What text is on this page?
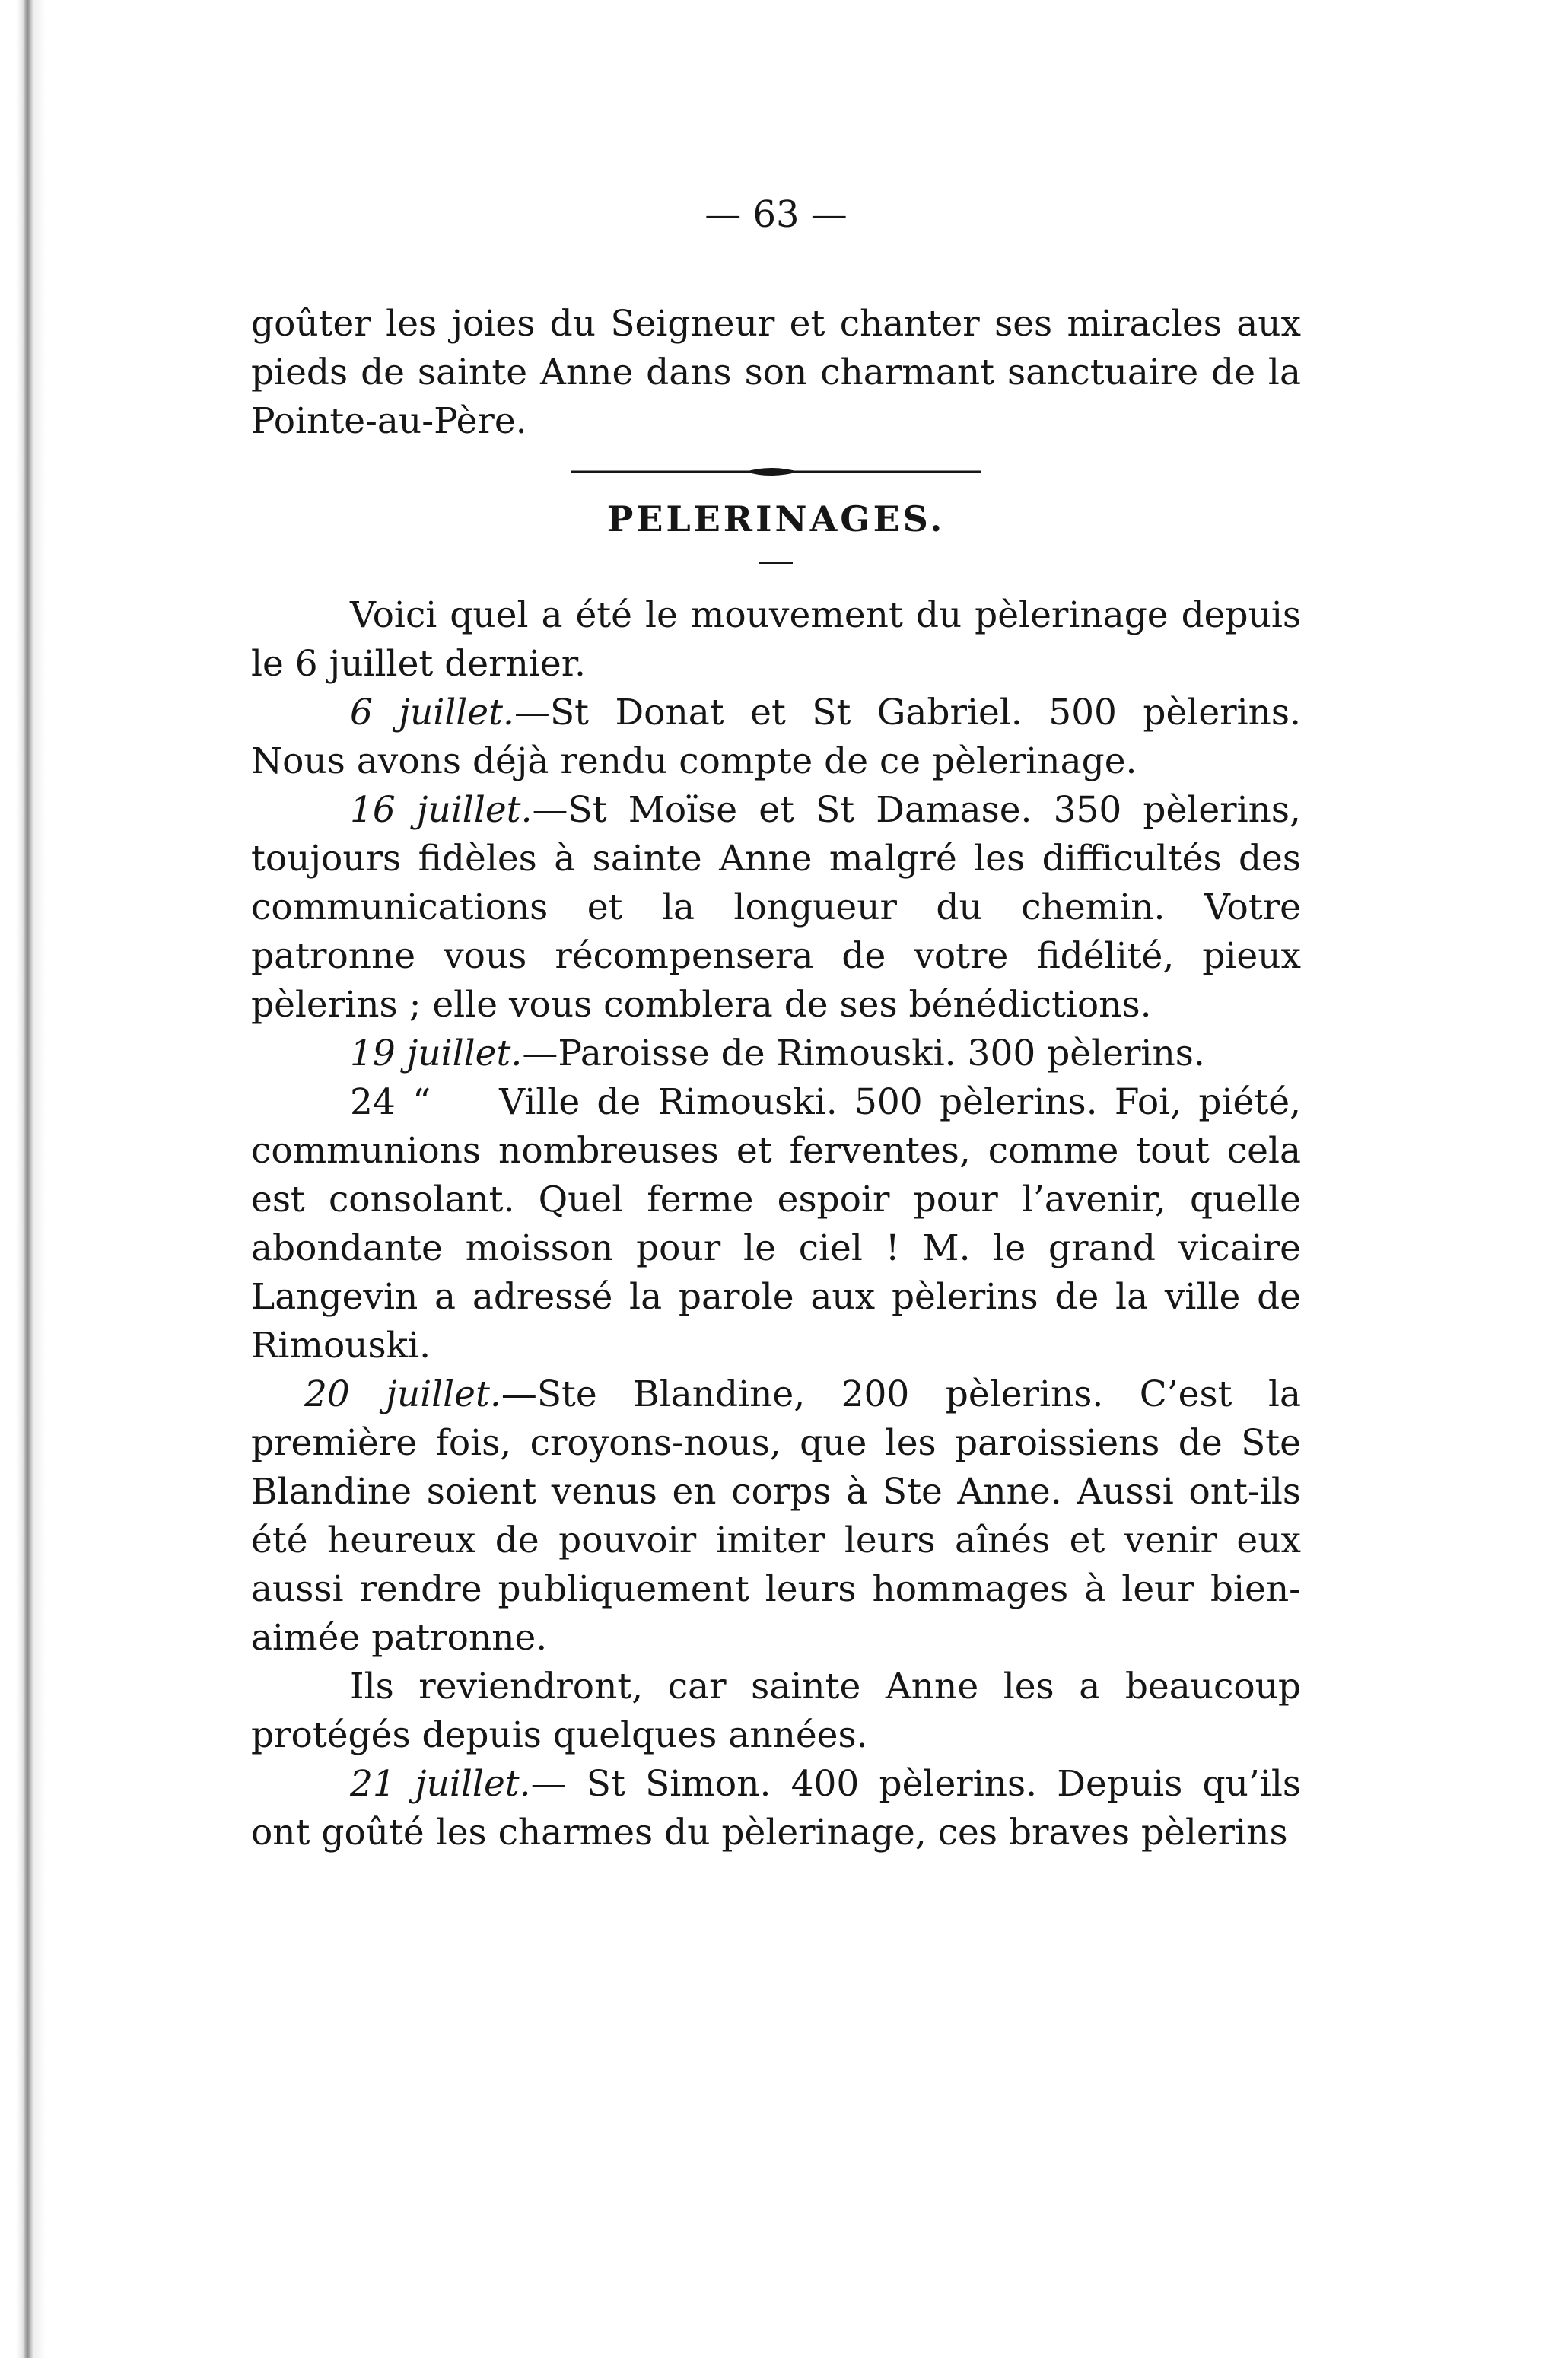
— 63 —

goûter les joies du Seigneur et chanter ses miracles aux pieds de sainte Anne dans son charmant sanctuaire de la Pointe-au-Père.

PELERINAGES.

Voici quel a été le mouvement du pèlerinage depuis le 6 juillet dernier.

6 juillet.—St Donat et St Gabriel. 500 pèlerins. Nous avons déjà rendu compte de ce pèlerinage.

16 juillet.—St Moïse et St Damase. 350 pèlerins, toujours fidèles à sainte Anne malgré les difficultés des communications et la longueur du chemin. Votre patronne vous récompensera de votre fidélité, pieux pèlerins ; elle vous comblera de ses bénédictions.

19 juillet.—Paroisse de Rimouski. 300 pèlerins.

24 “ Ville de Rimouski. 500 pèlerins. Foi, piété, communions nombreuses et ferventes, comme tout cela est consolant. Quel ferme espoir pour l’avenir, quelle abondante moisson pour le ciel ! M. le grand vicaire Langevin a adressé la parole aux pèlerins de la ville de Rimouski.

20 juillet.—Ste Blandine, 200 pèlerins. C’est la première fois, croyons-nous, que les paroissiens de Ste Blandine soient venus en corps à Ste Anne. Aussi ont-ils été heureux de pouvoir imiter leurs aînés et venir eux aussi rendre publiquement leurs hommages à leur bien-aimée patronne.

Ils reviendront, car sainte Anne les a beaucoup protégés depuis quelques années.

21 juillet.— St Simon. 400 pèlerins. Depuis qu’ils ont goûté les charmes du pèlerinage, ces braves pèlerins
